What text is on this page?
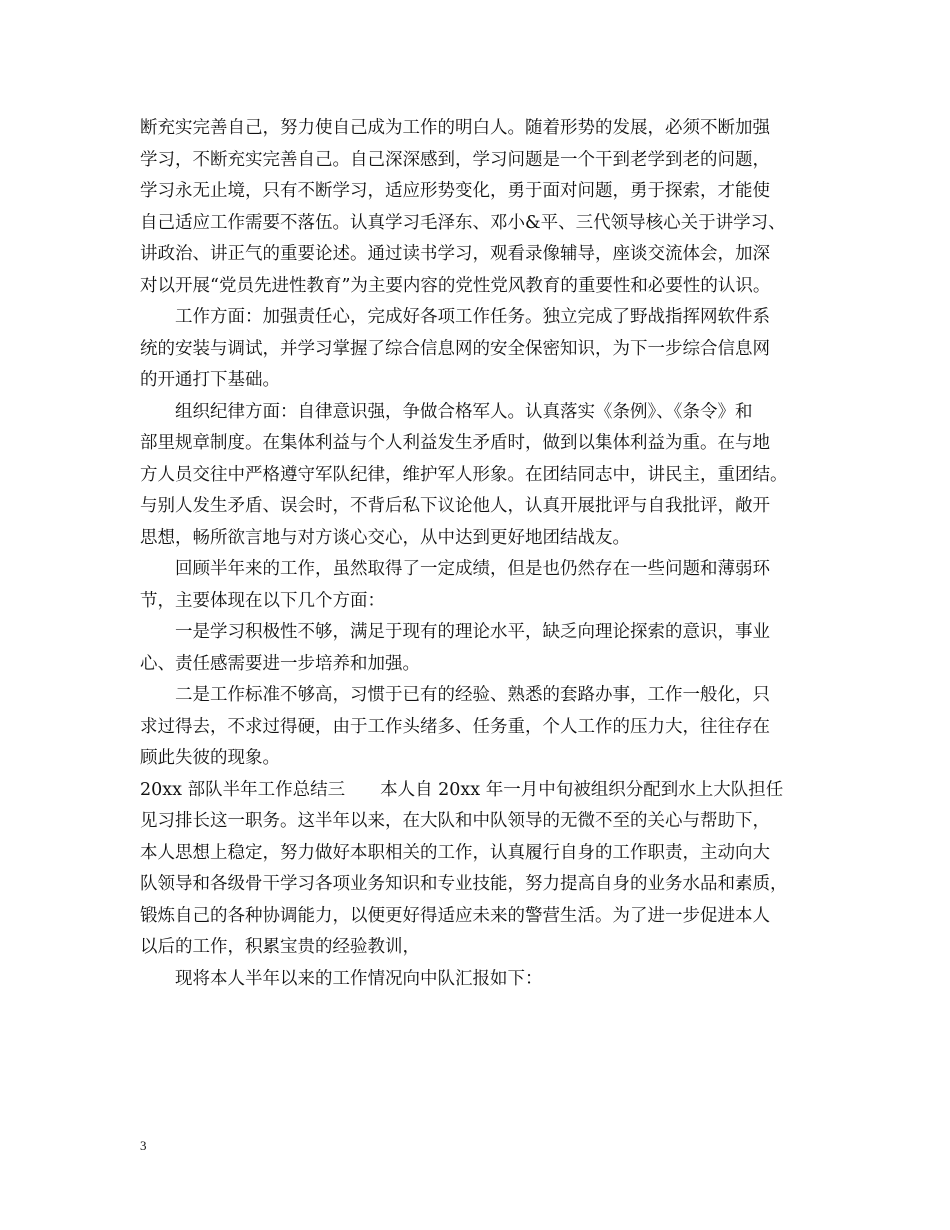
断充实完善自己，努力使自己成为工作的明白人。随着形势的发展，必须不断加强
学习，不断充实完善自己。自己深深感到，学习问题是一个干到老学到老的问题，
学习永无止境，只有不断学习，适应形势变化，勇于面对问题，勇于探索，才能使
自己适应工作需要不落伍。认真学习毛泽东、邓小&平、三代领导核心关于讲学习、
讲政治、讲正气的重要论述。通过读书学习，观看录像辅导，座谈交流体会，加深
对以开展“党员先进性教育”为主要内容的党性党风教育的重要性和必要性的认识。
工作方面：加强责任心，完成好各项工作任务。独立完成了野战指挥网软件系
统的安装与调试，并学习掌握了综合信息网的安全保密知识，为下一步综合信息网
的开通打下基础。
组织纪律方面：自律意识强，争做合格军人。认真落实《条例》、《条令》和
部里规章制度。在集体利益与个人利益发生矛盾时，做到以集体利益为重。在与地
方人员交往中严格遵守军队纪律，维护军人形象。在团结同志中，讲民主，重团结。
与别人发生矛盾、误会时，不背后私下议论他人，认真开展批评与自我批评，敞开
思想，畅所欲言地与对方谈心交心，从中达到更好地团结战友。
回顾半年来的工作，虽然取得了一定成绩，但是也仍然存在一些问题和薄弱环
节，主要体现在以下几个方面：
一是学习积极性不够，满足于现有的理论水平，缺乏向理论探索的意识，事业
心、责任感需要进一步培养和加强。
二是工作标准不够高，习惯于已有的经验、熟悉的套路办事，工作一般化，只
求过得去，不求过得硬，由于工作头绪多、任务重，个人工作的压力大，往往存在
顾此失彼的现象。
20xx 部队半年工作总结三　　本人自 20xx 年一月中旬被组织分配到水上大队担任
见习排长这一职务。这半年以来，在大队和中队领导的无微不至的关心与帮助下，
本人思想上稳定，努力做好本职相关的工作，认真履行自身的工作职责，主动向大
队领导和各级骨干学习各项业务知识和专业技能，努力提高自身的业务水品和素质，
锻炼自己的各种协调能力，以便更好得适应未来的警营生活。为了进一步促进本人
以后的工作，积累宝贵的经验教训，
现将本人半年以来的工作情况向中队汇报如下：
3
